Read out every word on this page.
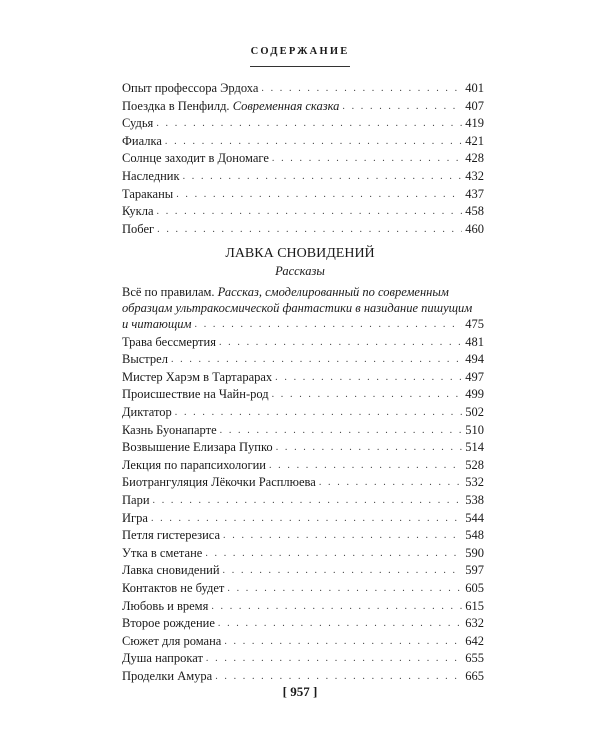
СОДЕРЖАНИЕ
Опыт профессора Эрдоха . . .	401
Поездка в Пенфилд. Современная сказка . . .	407
Судья . . .	419
Фиалка . . .	421
Солнце заходит в Дономаге . . .	428
Наследник . . .	432
Тараканы . . .	437
Кукла . . .	458
Побег . . .	460
ЛАВКА СНОВИДЕНИЙ
Рассказы
Всё по правилам. Рассказ, смоделированный по современным
образцам ультракосмической фантастики в назидание пишущим
и читающим . . .	475
Трава бессмертия . . .	481
Выстрел . . .	494
Мистер Харэм в Тартарарах . . .	497
Происшествие на Чайн-род . . .	499
Диктатор . . .	502
Казнь Буонапарте . . .	510
Возвышение Елизара Пупко . . .	514
Лекция по парапсихологии . . .	528
Биотрангуляция Лёкочки Расплюева . . .	532
Пари . . .	538
Игра . . .	544
Петля гистерезиса . . .	548
Утка в сметане . . .	590
Лавка сновидений . . .	597
Контактов не будет . . .	605
Любовь и время . . .	615
Второе рождение . . .	632
Сюжет для романа . . .	642
Душа напрокат . . .	655
Проделки Амура . . .	665
[ 957 ]
